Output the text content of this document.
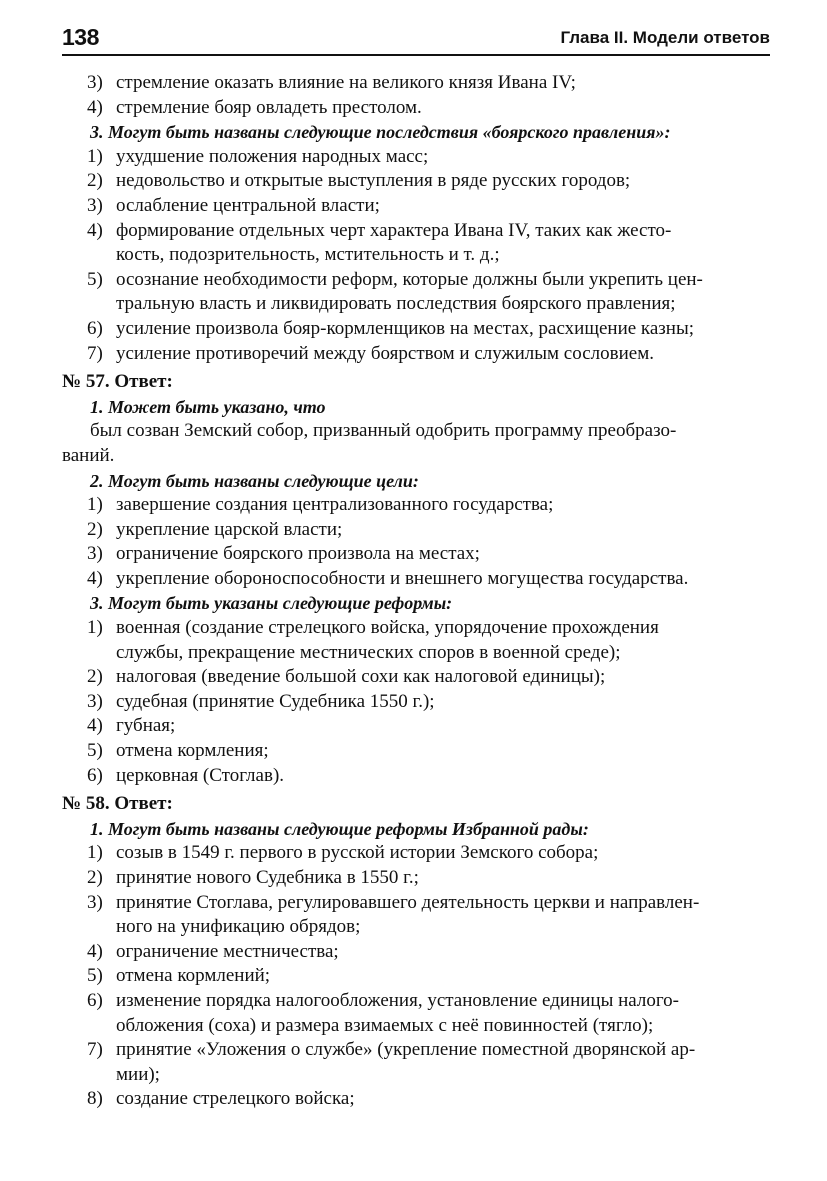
138	Глава II. Модели ответов
3) стремление оказать влияние на великого князя Ивана IV;
4) стремление бояр овладеть престолом.
3. Могут быть названы следующие последствия «боярского правления»:
1) ухудшение положения народных масс;
2) недовольство и открытые выступления в ряде русских городов;
3) ослабление центральной власти;
4) формирование отдельных черт характера Ивана IV, таких как жесто-
кость, подозрительность, мстительность и т. д.;
5) осознание необходимости реформ, которые должны были укрепить цен-
тральную власть и ликвидировать последствия боярского правления;
6) усиление произвола бояр-кормленщиков на местах, расхищение казны;
7) усиление противоречий между боярством и служилым сословием.
№ 57. Ответ:
1. Может быть указано, что
был созван Земский собор, призванный одобрить программу преобразо-
ваний.
2. Могут быть названы следующие цели:
1) завершение создания централизованного государства;
2) укрепление царской власти;
3) ограничение боярского произвола на местах;
4) укрепление обороноспособности и внешнего могущества государства.
3. Могут быть указаны следующие реформы:
1) военная (создание стрелецкого войска, упорядочение прохождения
службы, прекращение местнических споров в военной среде);
2) налоговая (введение большой сохи как налоговой единицы);
3) судебная (принятие Судебника 1550 г.);
4) губная;
5) отмена кормления;
6) церковная (Стоглав).
№ 58. Ответ:
1. Могут быть названы следующие реформы Избранной рады:
1) созыв в 1549 г. первого в русской истории Земского собора;
2) принятие нового Судебника в 1550 г.;
3) принятие Стоглава, регулировавшего деятельность церкви и направлен-
ного на унификацию обрядов;
4) ограничение местничества;
5) отмена кормлений;
6) изменение порядка налогообложения, установление единицы налого-
обложения (соха) и размера взимаемых с неё повинностей (тягло);
7) принятие «Уложения о службе» (укрепление поместной дворянской ар-
мии);
8) создание стрелецкого войска;
